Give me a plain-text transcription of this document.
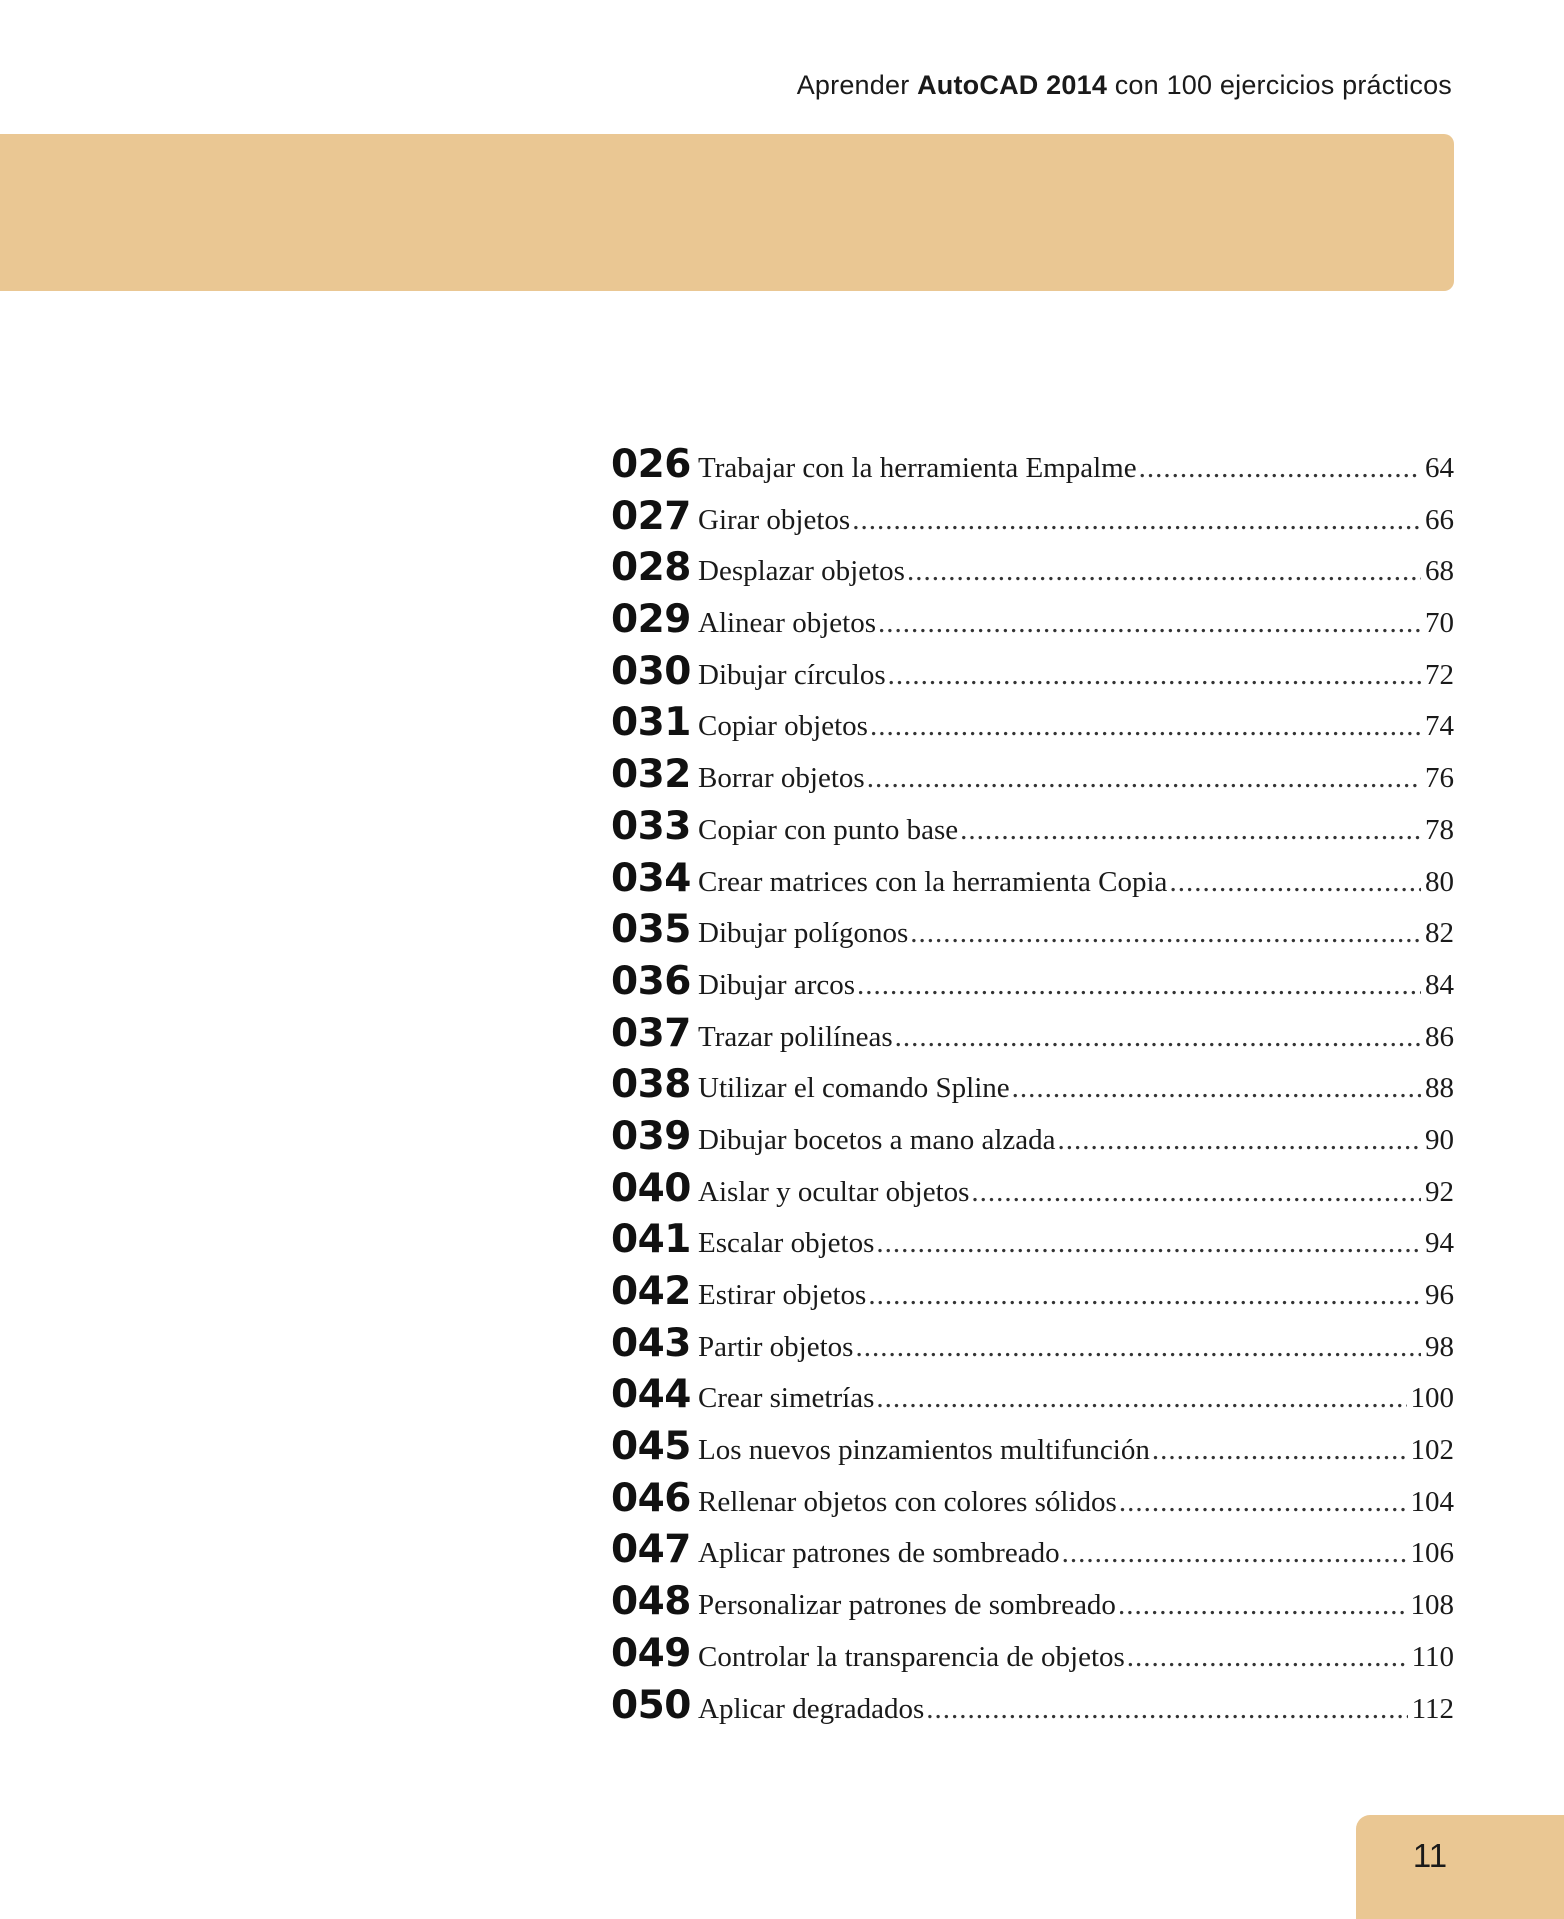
Aprender AutoCAD 2014 con 100 ejercicios prácticos
026 Trabajar con la herramienta Empalme .....	64
027 Girar objetos .....	66
028 Desplazar objetos .....	68
029 Alinear objetos .....	70
030 Dibujar círculos .....	72
031 Copiar objetos .....	74
032 Borrar objetos .....	76
033 Copiar con punto base .....	78
034 Crear matrices con la herramienta Copia .....	80
035 Dibujar polígonos .....	82
036 Dibujar arcos .....	84
037 Trazar polilíneas .....	86
038 Utilizar el comando Spline .....	88
039 Dibujar bocetos a mano alzada .....	90
040 Aislar y ocultar objetos .....	92
041 Escalar objetos .....	94
042 Estirar objetos .....	96
043 Partir objetos .....	98
044 Crear simetrías .....	100
045 Los nuevos pinzamientos multifunción .....	102
046 Rellenar objetos con colores sólidos .....	104
047 Aplicar patrones de sombreado .....	106
048 Personalizar patrones de sombreado .....	108
049 Controlar la transparencia de objetos .....	110
050 Aplicar degradados .....	112
11
